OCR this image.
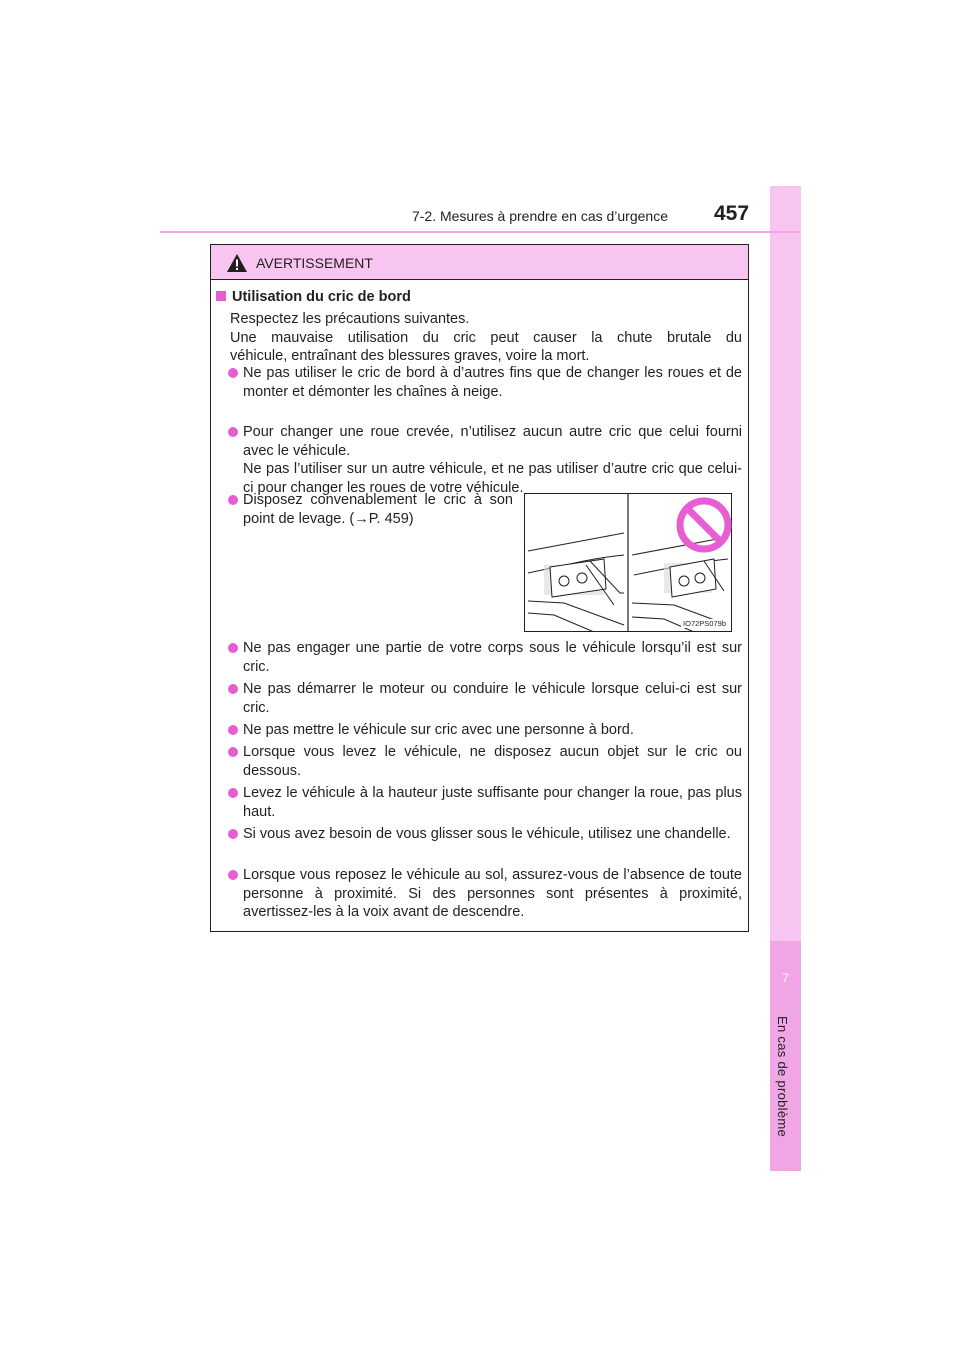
7
En cas de problème
7-2. Mesures à prendre en cas d’urgence 457
AVERTISSEMENT
Utilisation du cric de bord

Respectez les précautions suivantes.

Une mauvaise utilisation du cric peut causer la chute brutale du

véhicule, entraînant des blessures graves, voire la mort.

Ne pas utiliser le cric de bord à d’autres fins que de changer les roues et de monter et démonter les chaînes à neige.

Pour changer une roue crevée, n’utilisez aucun autre cric que celui fourni avec le véhicule.

Ne pas l’utiliser sur un autre véhicule, et ne pas utiliser d’autre cric que celui-ci pour changer les roues de votre véhicule.

Disposez convenablement le cric à son point de levage. (→P. 459)

Ne pas engager une partie de votre corps sous le véhicule lorsqu’il est sur cric.

Ne pas démarrer le moteur ou conduire le véhicule lorsque celui-ci est sur cric.

Ne pas mettre le véhicule sur cric avec une personne à bord.

Lorsque vous levez le véhicule, ne disposez aucun objet sur le cric ou dessous.

Levez le véhicule à la hauteur juste suffisante pour changer la roue, pas plus haut.

Si vous avez besoin de vous glisser sous le véhicule, utilisez une chandelle.

Lorsque vous reposez le véhicule au sol, assurez-vous de l’absence de toute personne à proximité. Si des personnes sont présentes à proximité, avertissez-les à la voix avant de descendre.

IO72PS079b
